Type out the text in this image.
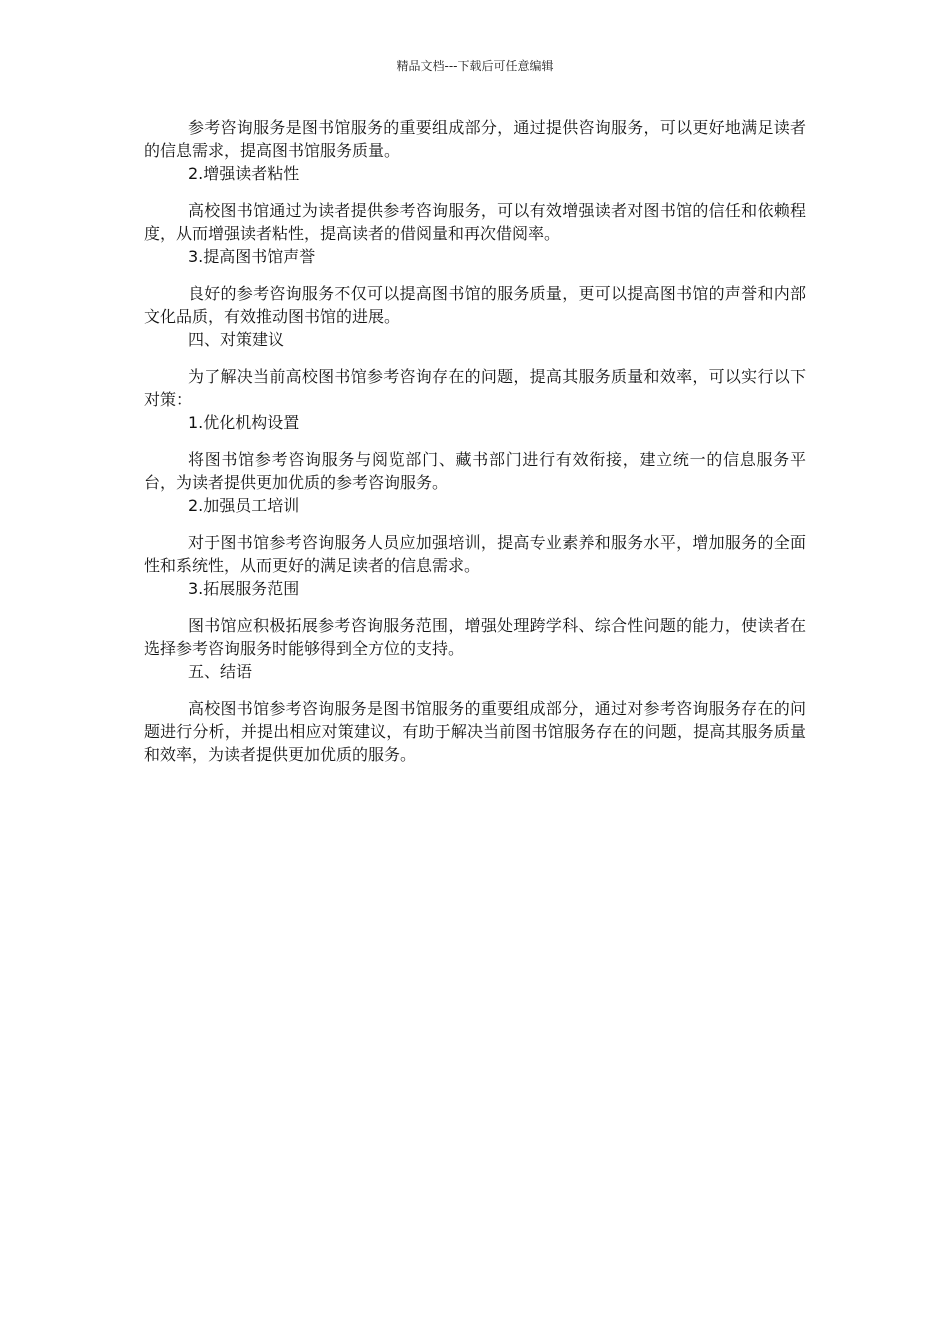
精品文档---下载后可任意编辑

参考咨询服务是图书馆服务的重要组成部分，通过提供咨询服务，可以更好地满足读者的信息需求，提高图书馆服务质量。

2.增强读者粘性

高校图书馆通过为读者提供参考咨询服务，可以有效增强读者对图书馆的信任和依赖程度，从而增强读者粘性，提高读者的借阅量和再次借阅率。

3.提高图书馆声誉

良好的参考咨询服务不仅可以提高图书馆的服务质量，更可以提高图书馆的声誉和内部文化品质，有效推动图书馆的进展。

四、对策建议

为了解决当前高校图书馆参考咨询存在的问题，提高其服务质量和效率，可以实行以下对策：

1.优化机构设置

将图书馆参考咨询服务与阅览部门、藏书部门进行有效衔接，建立统一的信息服务平台，为读者提供更加优质的参考咨询服务。

2.加强员工培训

对于图书馆参考咨询服务人员应加强培训，提高专业素养和服务水平，增加服务的全面性和系统性，从而更好的满足读者的信息需求。

3.拓展服务范围

图书馆应积极拓展参考咨询服务范围，增强处理跨学科、综合性问题的能力，使读者在选择参考咨询服务时能够得到全方位的支持。

五、结语

高校图书馆参考咨询服务是图书馆服务的重要组成部分，通过对参考咨询服务存在的问题进行分析，并提出相应对策建议，有助于解决当前图书馆服务存在的问题，提高其服务质量和效率，为读者提供更加优质的服务。
